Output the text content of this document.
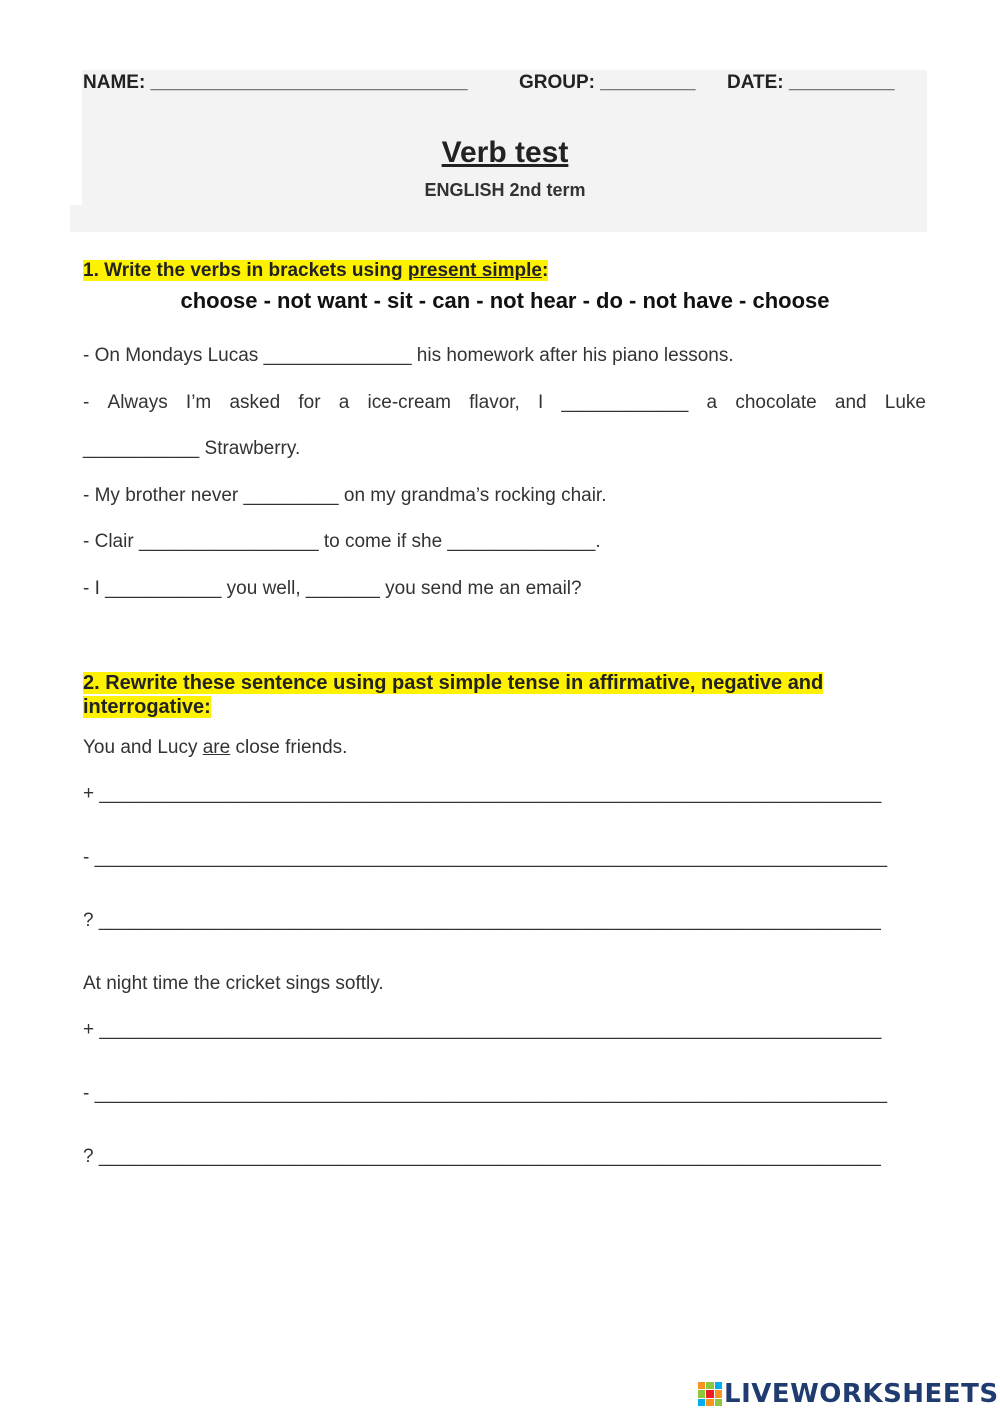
NAME: ______________________________	GROUP: _________ DATE: __________
Verb test
ENGLISH 2nd term
1. Write the verbs in brackets using present simple:
choose - not want - sit - can - not hear - do - not have - choose
- On Mondays Lucas ______________ his homework after his piano lessons.
- Always I’m asked for a ice-cream flavor, I ____________ a chocolate and Luke
___________ Strawberry.
- My brother never _________ on my grandma’s rocking chair.
- Clair _________________ to come if she ______________.
- I ___________ you well, _______ you send me an email?
2. Rewrite these sentence using past simple tense in affirmative, negative and
interrogative:
You and Lucy are close friends.
+ __________________________________________________________________________
- ___________________________________________________________________________
? __________________________________________________________________________
At night time the cricket sings softly.
+ __________________________________________________________________________
- ___________________________________________________________________________
? __________________________________________________________________________
LIVEWORKSHEETS
